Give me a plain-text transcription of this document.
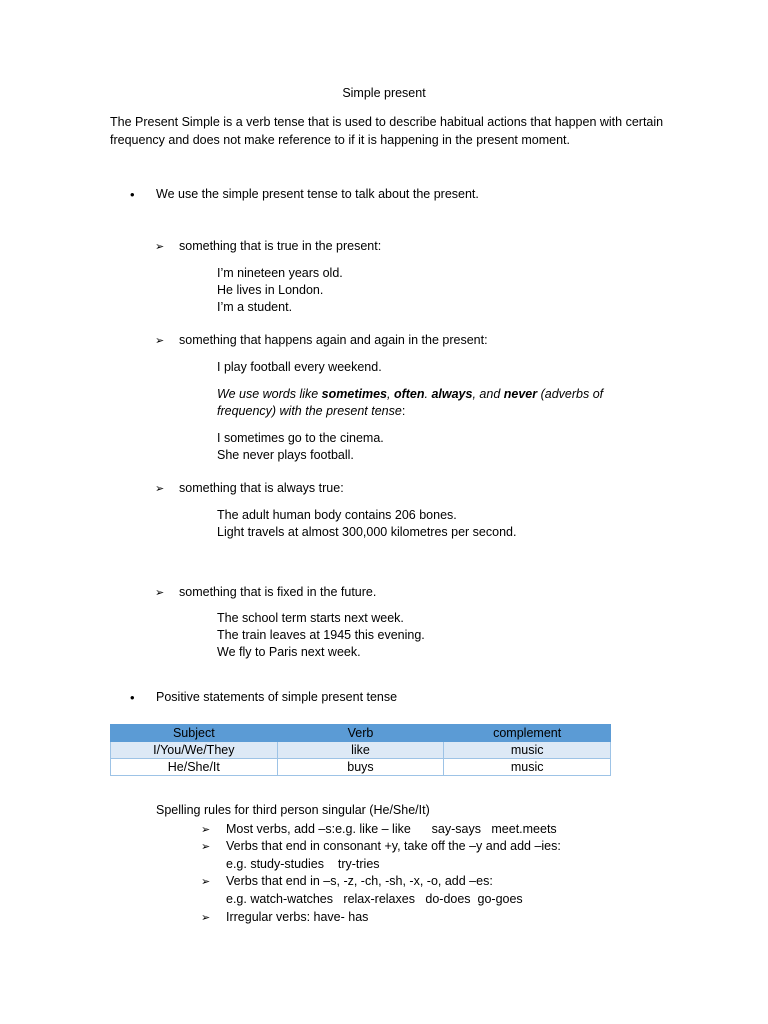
Simple present
The Present Simple is a verb tense that is used to describe habitual actions that happen with certain frequency and does not make reference to if it is happening in the present moment.
• We use the simple present tense to talk about the present.
➢ something that is true in the present:
I’m nineteen years old.
He lives in London.
I’m a student.
➢ something that happens again and again in the present:
I play football every weekend.
We use words like sometimes, often. always, and never (adverbs of frequency) with the present tense:
I sometimes go to the cinema.
She never plays football.
➢ something that is always true:
The adult human body contains 206 bones.
Light travels at almost 300,000 kilometres per second.
➢ something that is fixed in the future.
The school term starts next week.
The train leaves at 1945 this evening.
We fly to Paris next week.
• Positive statements of simple present tense
Subject	Verb	complement
I/You/We/They	like	music
He/She/It	buys	music
Spelling rules for third person singular (He/She/It)
➢ Most verbs, add –s:e.g. like – like      say-says   meet.meets
➢ Verbs that end in consonant +y, take off the –y and add –ies:
e.g. study-studies    try-tries
➢ Verbs that end in –s, -z, -ch, -sh, -x, -o, add –es:
e.g. watch-watches   relax-relaxes   do-does  go-goes
➢ Irregular verbs: have- has
